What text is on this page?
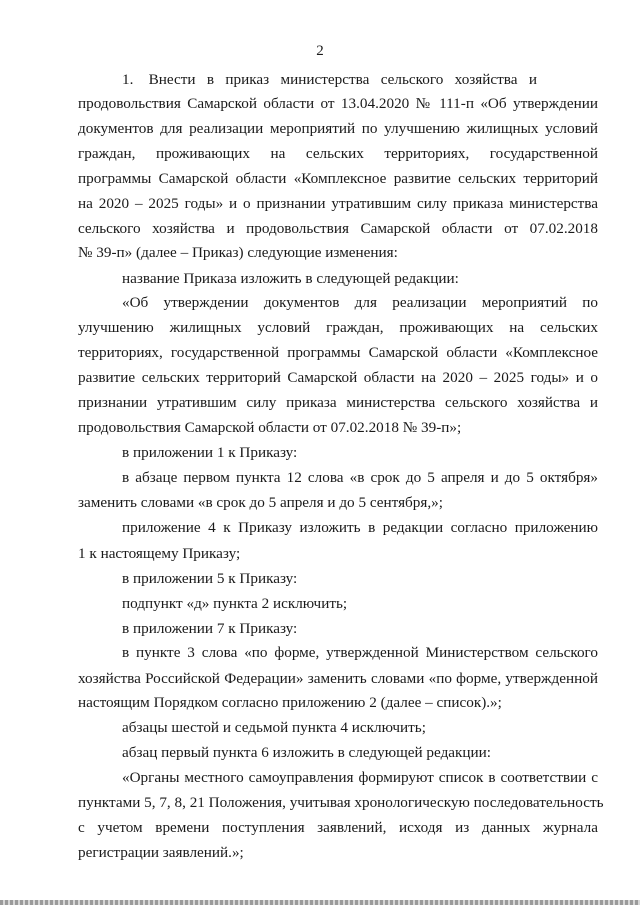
2
1.    Внести   в   приказ   министерства   сельского   хозяйства   и
продовольствия Самарской области от 13.04.2020 № 111-п «Об утверждении
документов для реализации мероприятий по улучшению жилищных условий
граждан, проживающих на сельских территориях, государственной
программы Самарской области «Комплексное развитие сельских территорий
на 2020 – 2025 годы» и о признании утратившим силу приказа министерства
сельского хозяйства и продовольствия Самарской области от 07.02.2018
№ 39-п» (далее – Приказ) следующие изменения:
название Приказа изложить в следующей редакции:
«Об утверждении документов для реализации мероприятий по
улучшению жилищных условий граждан, проживающих на сельских
территориях, государственной программы Самарской области «Комплексное
развитие сельских территорий Самарской области на 2020 – 2025 годы» и о
признании утратившим силу приказа министерства сельского хозяйства и
продовольствия Самарской области от 07.02.2018 № 39-п»;
в приложении 1 к Приказу:
в абзаце первом пункта 12 слова «в срок до 5 апреля и до 5 октября»
заменить словами «в срок до 5 апреля и до 5 сентября,»;
приложение 4 к Приказу изложить в редакции согласно приложению
1 к настоящему Приказу;
в приложении 5 к Приказу:
подпункт «д» пункта 2 исключить;
в приложении 7 к Приказу:
в пункте 3 слова «по форме, утвержденной Министерством сельского
хозяйства Российской Федерации» заменить словами «по форме, утвержденной
настоящим Порядком согласно приложению 2 (далее – список).»;
абзацы шестой и седьмой пункта 4 исключить;
абзац первый пункта 6 изложить в следующей редакции:
«Органы местного самоуправления формируют список в соответствии с
пунктами 5, 7, 8, 21 Положения, учитывая хронологическую последовательность
с учетом времени поступления заявлений, исходя из данных журнала
регистрации заявлений.»;
